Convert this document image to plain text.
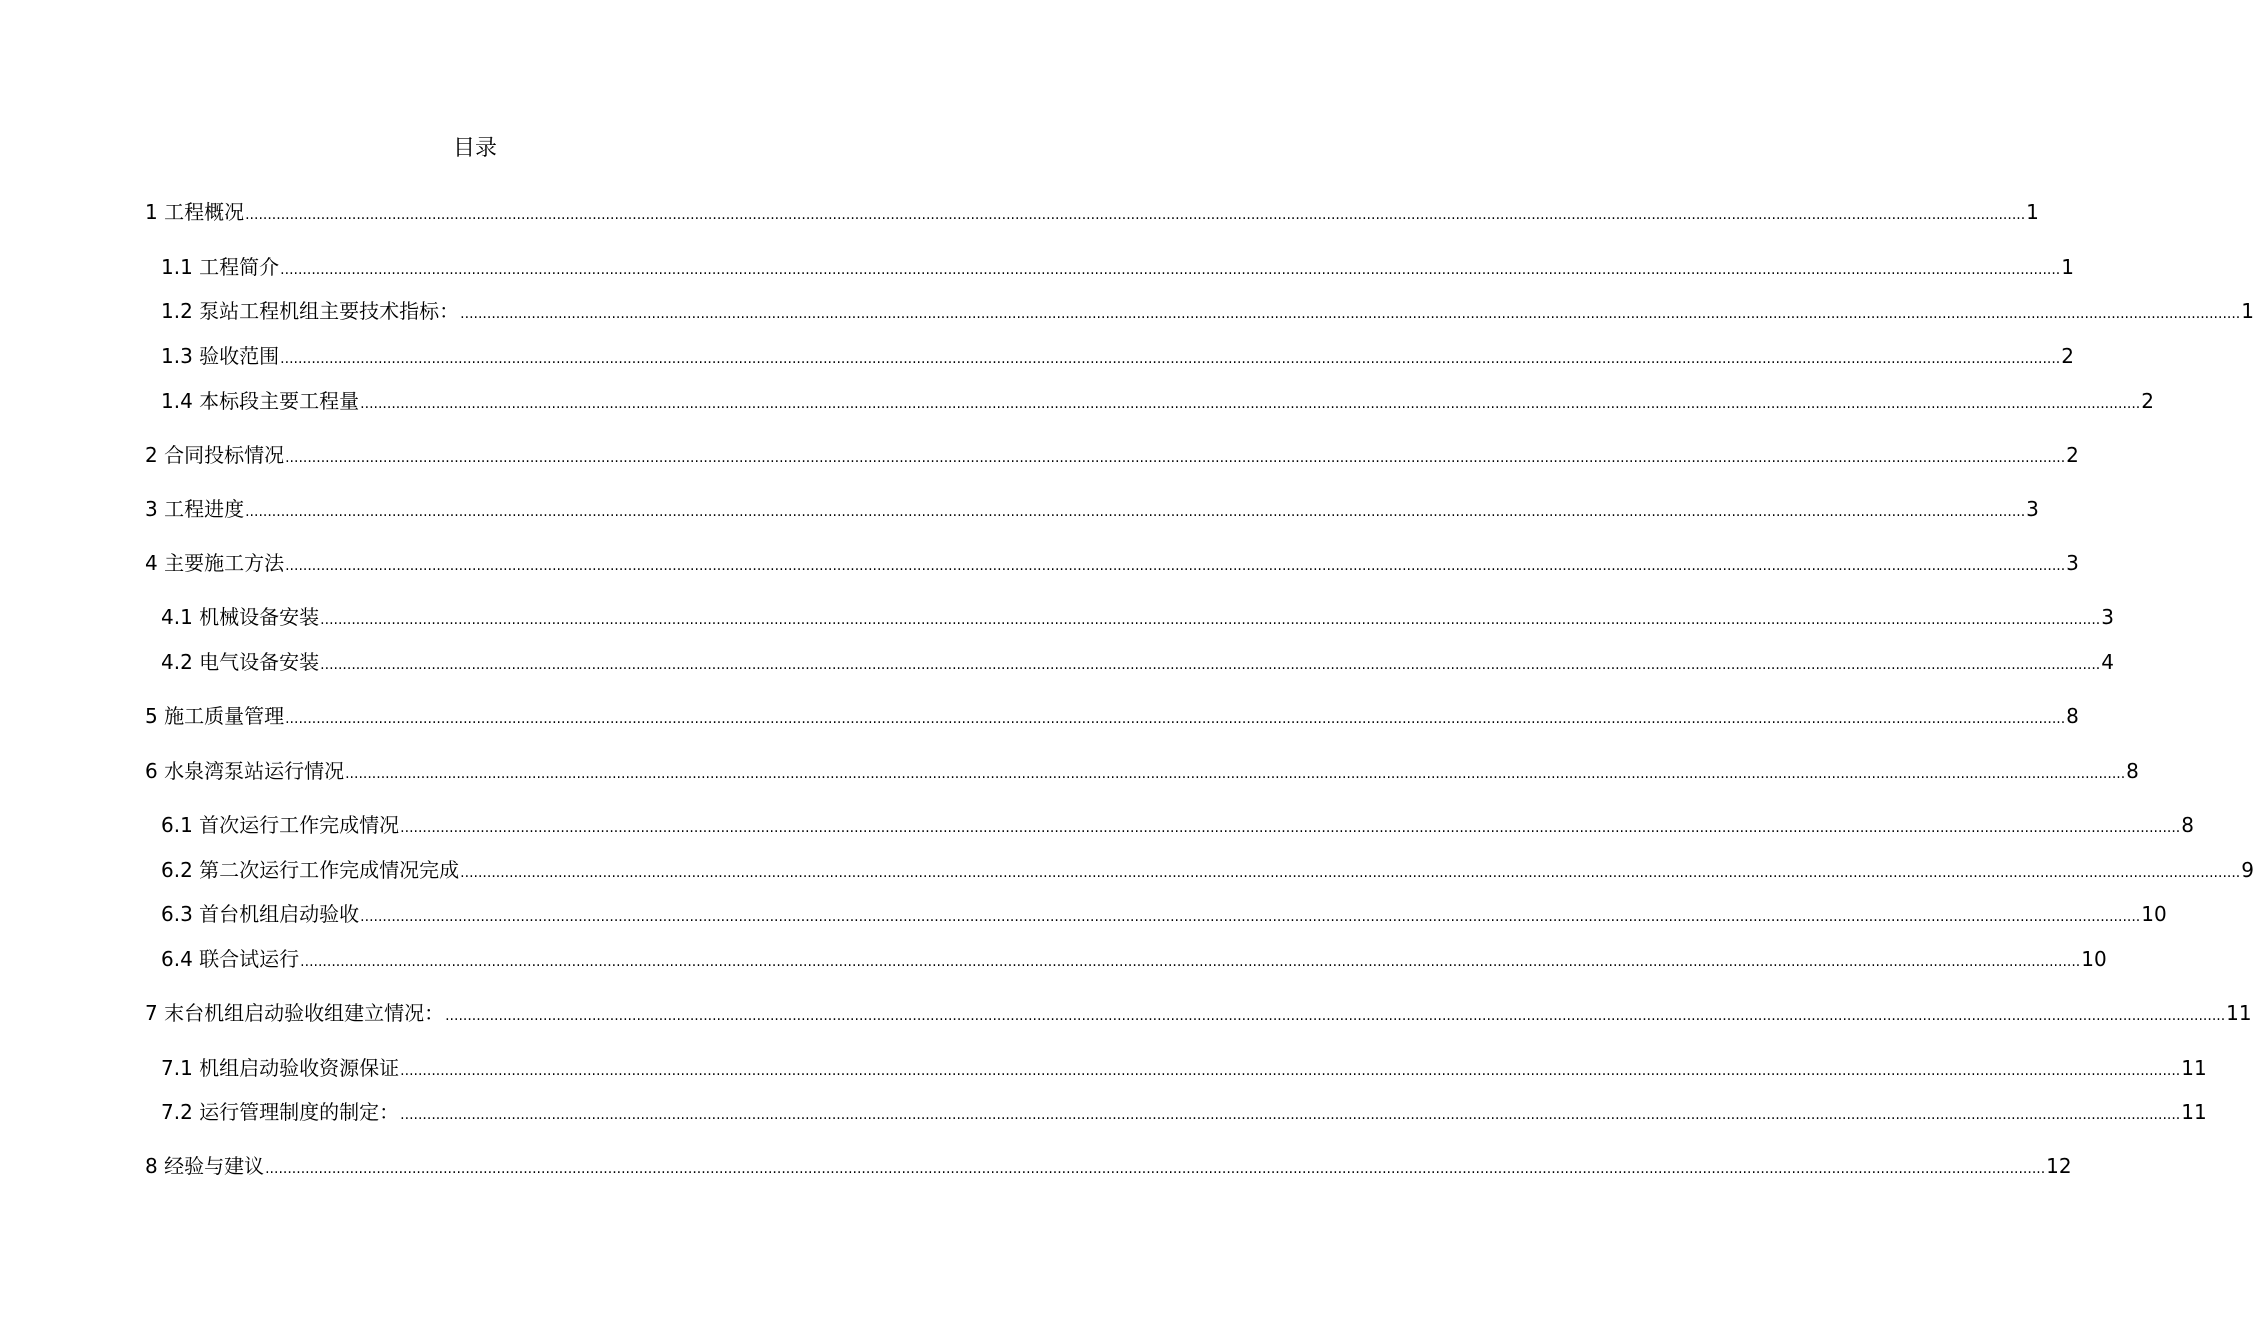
目录
1 工程概况 ................................................................................................................................................................................................................................................................................................................................................................................................................ 1
1.1 工程简介 ................................................................................................................................................................................................................................................................................................................................................................................................................ 1
1.2 泵站工程机组主要技术指标： ................................................................................................................................................................................................................................................................................................................................................................................................................ 1
1.3 验收范围 ................................................................................................................................................................................................................................................................................................................................................................................................................ 2
1.4 本标段主要工程量 ................................................................................................................................................................................................................................................................................................................................................................................................................ 2
2 合同投标情况 ................................................................................................................................................................................................................................................................................................................................................................................................................ 2
3 工程进度 ................................................................................................................................................................................................................................................................................................................................................................................................................ 3
4 主要施工方法 ................................................................................................................................................................................................................................................................................................................................................................................................................ 3
4.1 机械设备安装 ................................................................................................................................................................................................................................................................................................................................................................................................................ 3
4.2 电气设备安装 ................................................................................................................................................................................................................................................................................................................................................................................................................ 4
5 施工质量管理 ................................................................................................................................................................................................................................................................................................................................................................................................................ 8
6 水泉湾泵站运行情况 ................................................................................................................................................................................................................................................................................................................................................................................................................ 8
6.1 首次运行工作完成情况 ................................................................................................................................................................................................................................................................................................................................................................................................................ 8
6.2 第二次运行工作完成情况完成 ................................................................................................................................................................................................................................................................................................................................................................................................................ 9
6.3 首台机组启动验收 ................................................................................................................................................................................................................................................................................................................................................................................................................ 10
6.4 联合试运行 ................................................................................................................................................................................................................................................................................................................................................................................................................ 10
7 末台机组启动验收组建立情况： ................................................................................................................................................................................................................................................................................................................................................................................................................ 11
7.1 机组启动验收资源保证 ................................................................................................................................................................................................................................................................................................................................................................................................................ 11
7.2 运行管理制度的制定： ................................................................................................................................................................................................................................................................................................................................................................................................................ 11
8 经验与建议 ................................................................................................................................................................................................................................................................................................................................................................................................................ 12
